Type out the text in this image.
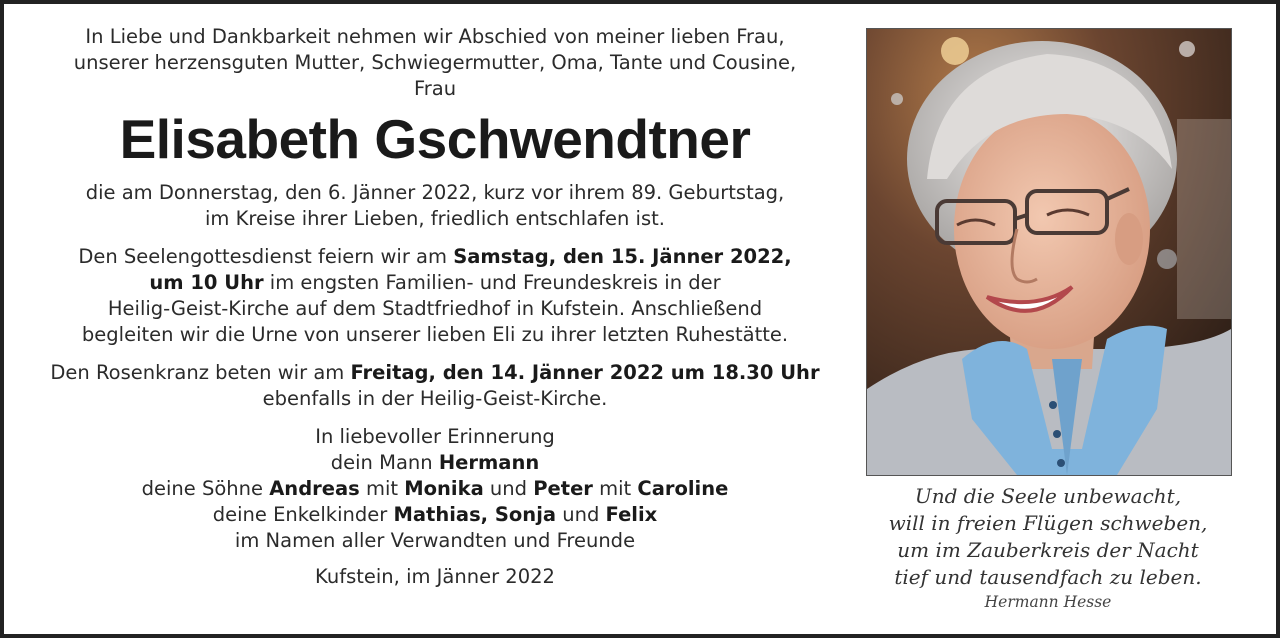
In Liebe und Dankbarkeit nehmen wir Abschied von meiner lieben Frau,

unserer herzensguten Mutter, Schwiegermutter, Oma, Tante und Cousine,

Frau

Elisabeth Gschwendtner

die am Donnerstag, den 6. Jänner 2022, kurz vor ihrem 89. Geburtstag,

im Kreise ihrer Lieben, friedlich entschlafen ist.

Den Seelengottesdienst feiern wir am Samstag, den 15. Jänner 2022,

um 10 Uhr im engsten Familien- und Freundeskreis in der

Heilig-Geist-Kirche auf dem Stadtfriedhof in Kufstein. Anschließend

begleiten wir die Urne von unserer lieben Eli zu ihrer letzten Ruhestätte.

Den Rosenkranz beten wir am Freitag, den 14. Jänner 2022 um 18.30 Uhr

ebenfalls in der Heilig-Geist-Kirche.

In liebevoller Erinnerung

dein Mann Hermann

deine Söhne Andreas mit Monika und Peter mit Caroline

deine Enkelkinder Mathias, Sonja und Felix

im Namen aller Verwandten und Freunde

Kufstein, im Jänner 2022

Und die Seele unbewacht,
will in freien Flügen schweben,
um im Zauberkreis der Nacht
tief und tausendfach zu leben.
Hermann Hesse
